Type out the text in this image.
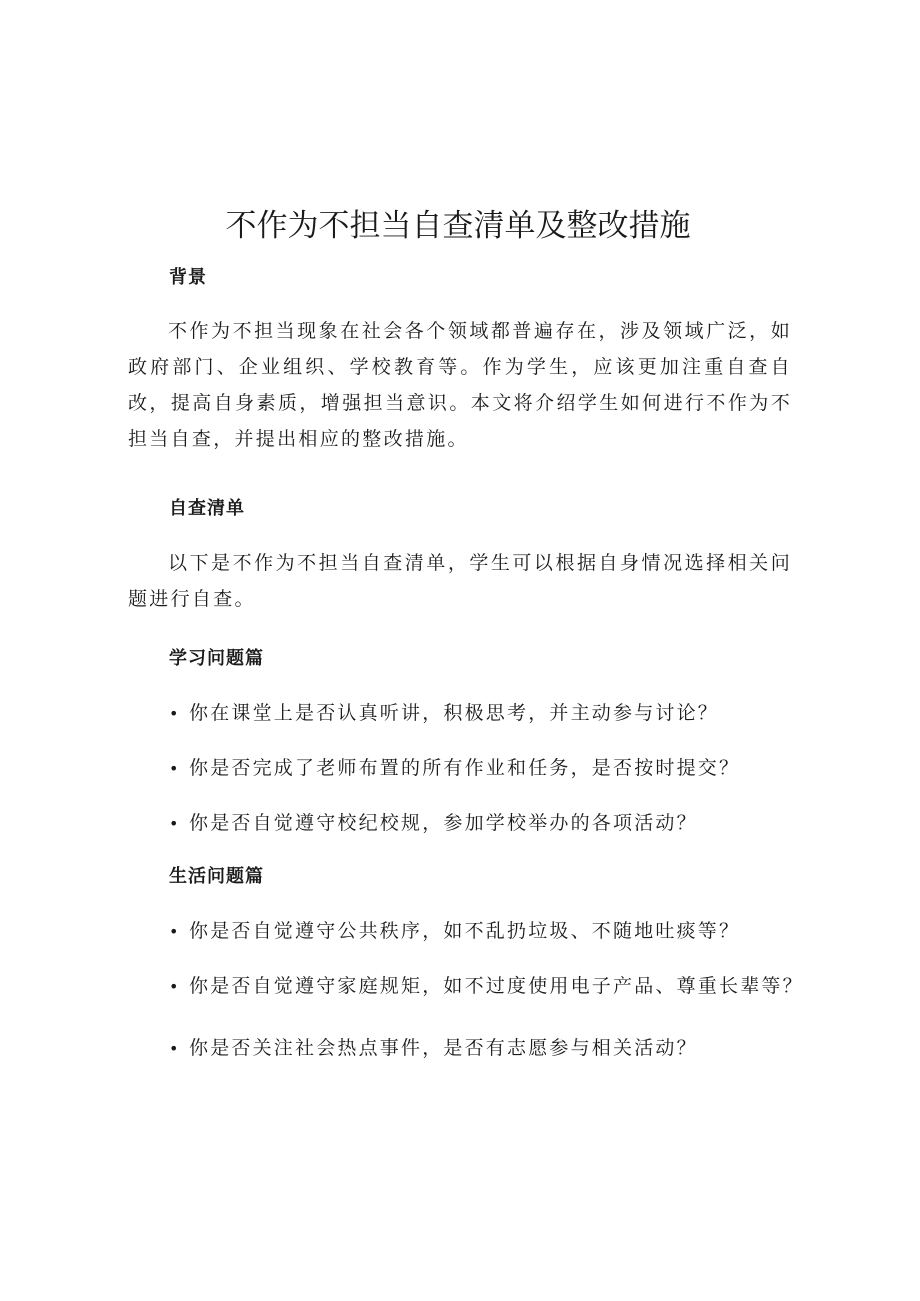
不作为不担当自查清单及整改措施
背景

不作为不担当现象在社会各个领域都普遍存在，涉及领域广泛，如政府部门、企业组织、学校教育等。作为学生，应该更加注重自查自改，提高自身素质，增强担当意识。本文将介绍学生如何进行不作为不担当自查，并提出相应的整改措施。

自查清单

以下是不作为不担当自查清单，学生可以根据自身情况选择相关问题进行自查。

学习问题篇

• 你在课堂上是否认真听讲，积极思考，并主动参与讨论？

• 你是否完成了老师布置的所有作业和任务，是否按时提交？

• 你是否自觉遵守校纪校规，参加学校举办的各项活动？

生活问题篇

• 你是否自觉遵守公共秩序，如不乱扔垃圾、不随地吐痰等？

• 你是否自觉遵守家庭规矩，如不过度使用电子产品、尊重长辈等？

• 你是否关注社会热点事件，是否有志愿参与相关活动？
